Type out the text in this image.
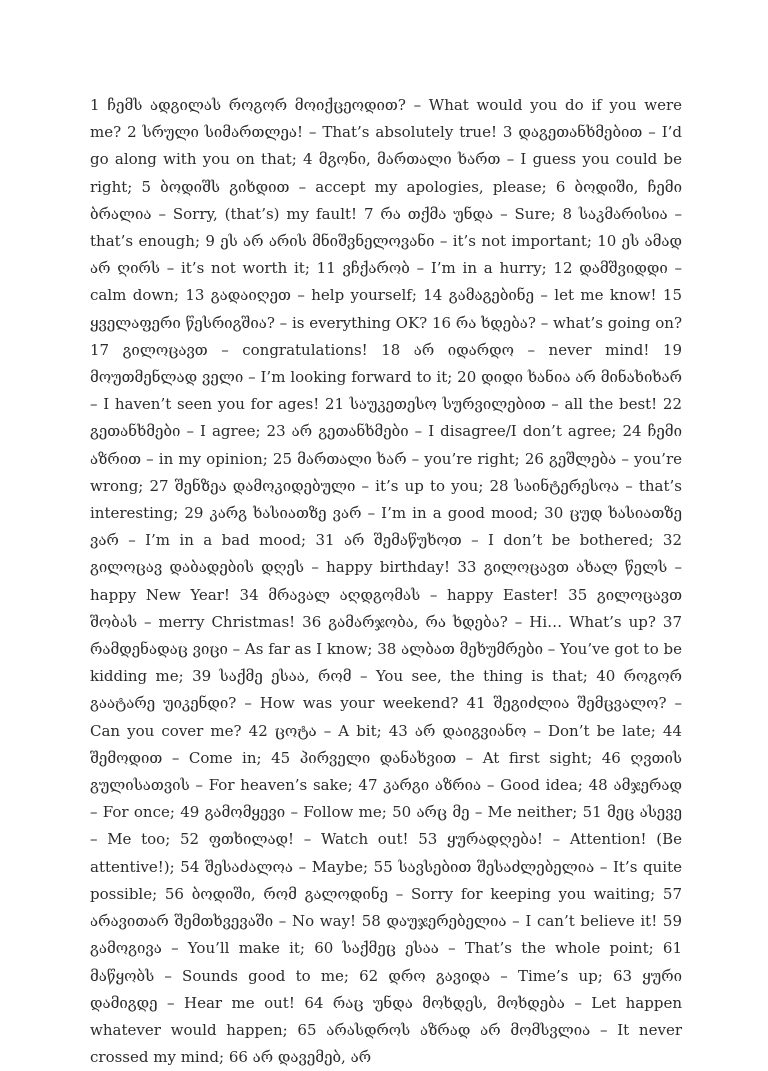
1 ჩემს ადგილას როგორ მოიქცეოდით? – What would you do if you were me? 2 სრული სიმართლეა! – That’s absolutely true! 3 დაგეთანხმებით – I’d go along with you on that; 4 მგონი, მართალი ხართ – I guess you could be right; 5 ბოდიშს გიხდით – accept my apologies, please; 6 ბოდიში, ჩემი ბრალია – Sorry, (that’s) my fault! 7 რა თქმა უნდა – Sure; 8 საკმარისია – that’s enough; 9 ეს არ არის მნიშვნელოვანი – it’s not important; 10 ეს ამად არ ღირს – it’s not worth it; 11 ვჩქარობ – I’m in a hurry; 12 დამშვიდდი – calm down; 13 გადაიღეთ – help yourself; 14 გამაგებინე – let me know! 15 ყველაფერი წესრიგშია? – is everything OK? 16 რა ხდება? – what’s going on? 17 გილოცავთ – congratulations! 18 არ იდარდო – never mind! 19 მოუთმენლად ველი – I’m looking forward to it; 20 დიდი ხანია არ მინახიხარ – I haven’t seen you for ages! 21 საუკეთესო სურვილებით – all the best! 22 გეთანხმები – I agree; 23 არ გეთანხმები – I disagree/I don’t agree; 24 ჩემი აზრით – in my opinion; 25 მართალი ხარ – you’re right; 26 გეშლება – you’re wrong; 27 შენზეა დამოკიდებული – it’s up to you; 28 საინტერესოა – that’s interesting; 29 კარგ ხასიათზე ვარ – I’m in a good mood; 30 ცუდ ხასიათზე ვარ – I’m in a bad mood; 31 არ შემაწუხოთ – I don’t be bothered; 32 გილოცავ დაბადების დღეს – happy birthday! 33 გილოცავთ ახალ წელს – happy New Year! 34 მრავალ აღდგომას – happy Easter! 35 გილოცავთ შობას – merry Christmas! 36 გამარჯობა, რა ხდება? – Hi… What’s up? 37 რამდენადაც ვიცი – As far as I know; 38 ალბათ მეხუმრები – You’ve got to be kidding me; 39 საქმე ესაა, რომ – You see, the thing is that; 40 როგორ გაატარე უიკენდი? – How was your weekend? 41 შეგიძლია შემცვალო? – Can you cover me? 42 ცოტა – A bit; 43 არ დაიგვიანო – Don’t be late; 44 შემოდით – Come in; 45 პირველი დანახვით – At first sight; 46 ღვთის გულისათვის – For heaven’s sake; 47 კარგი აზრია – Good idea; 48 ამჯერად – For once; 49 გამომყევი – Follow me; 50 არც მე – Me neither; 51 მეც ასევე – Me too; 52 ფთხილად! – Watch out! 53 ყურადღება! – Attention! (Be attentive!); 54 შესაძალოა – Maybe; 55 სავსებით შესაძლებელია – It’s quite possible; 56 ბოდიში, რომ გალოდინე – Sorry for keeping you waiting; 57 არავითარ შემთხვევაში – No way! 58 დაუჯერებელია – I can’t believe it! 59 გამოგივა – You’ll make it; 60 საქმეც ესაა – That’s the whole point; 61 მაწყობს – Sounds good to me; 62 დრო გავიდა – Time’s up; 63 ყური დამიგდე – Hear me out! 64 რაც უნდა მოხდეს, მოხდება – Let happen whatever would happen; 65 არასდროს აზრად არ მომსვლია – It never crossed my mind; 66 არ დავემებ, არ
